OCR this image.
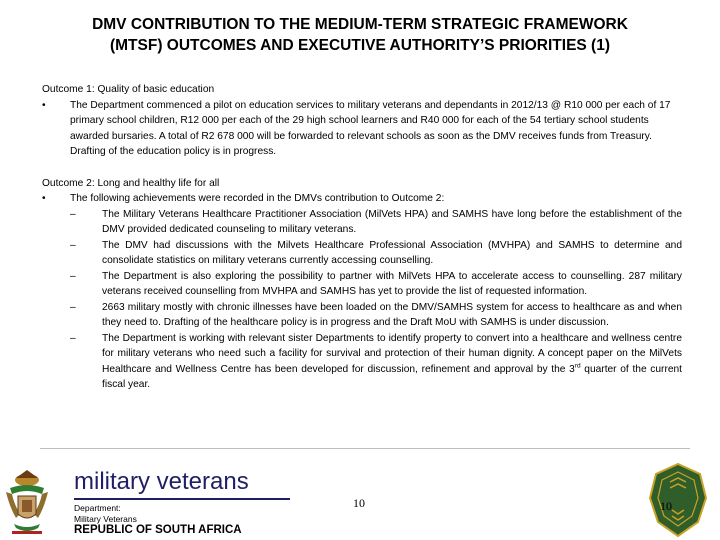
DMV CONTRIBUTION TO THE MEDIUM-TERM STRATEGIC FRAMEWORK
(MTSF) OUTCOMES AND EXECUTIVE AUTHORITY’S PRIORITIES (1)
Outcome 1: Quality of basic education
• The Department commenced a pilot on education services to military veterans and dependants in 2012/13 @ R10 000 per each of 17 primary school children, R12 000 per each of the 29 high school learners and R40 000 for each of the 54 tertiary school students awarded bursaries. A total of R2 678 000 will be forwarded to relevant schools as soon as the DMV receives funds from Treasury. Drafting of the education policy is in progress.
Outcome 2: Long and healthy life for all
• The following achievements were recorded in the DMVs contribution to Outcome 2:
–	The Military Veterans Healthcare Practitioner Association (MilVets HPA) and SAMHS have long before the establishment of the DMV provided dedicated counseling to military veterans.
–	The DMV had discussions with the Milvets Healthcare Professional Association (MVHPA) and SAMHS to determine and consolidate statistics on military veterans currently accessing counselling.
–	The Department is also exploring the possibility to partner with MilVets HPA to accelerate access to counselling. 287 military veterans received counselling from MVHPA and SAMHS has yet to provide the list of requested information.
–	2663 military mostly with chronic illnesses have been loaded on the DMV/SAMHS system for access to healthcare as and when they need to. Drafting of the healthcare policy is in progress and the Draft MoU with SAMHS is under discussion.
–	The Department is working with relevant sister Departments to identify property to convert into a healthcare and wellness centre for military veterans who need such a facility for survival and protection of their human dignity. A concept paper on the MilVets Healthcare and Wellness Centre has been developed for discussion, refinement and approval by the 3rd quarter of the current fiscal year.
military veterans
Department:
Military Veterans
REPUBLIC OF SOUTH AFRICA
10	10
